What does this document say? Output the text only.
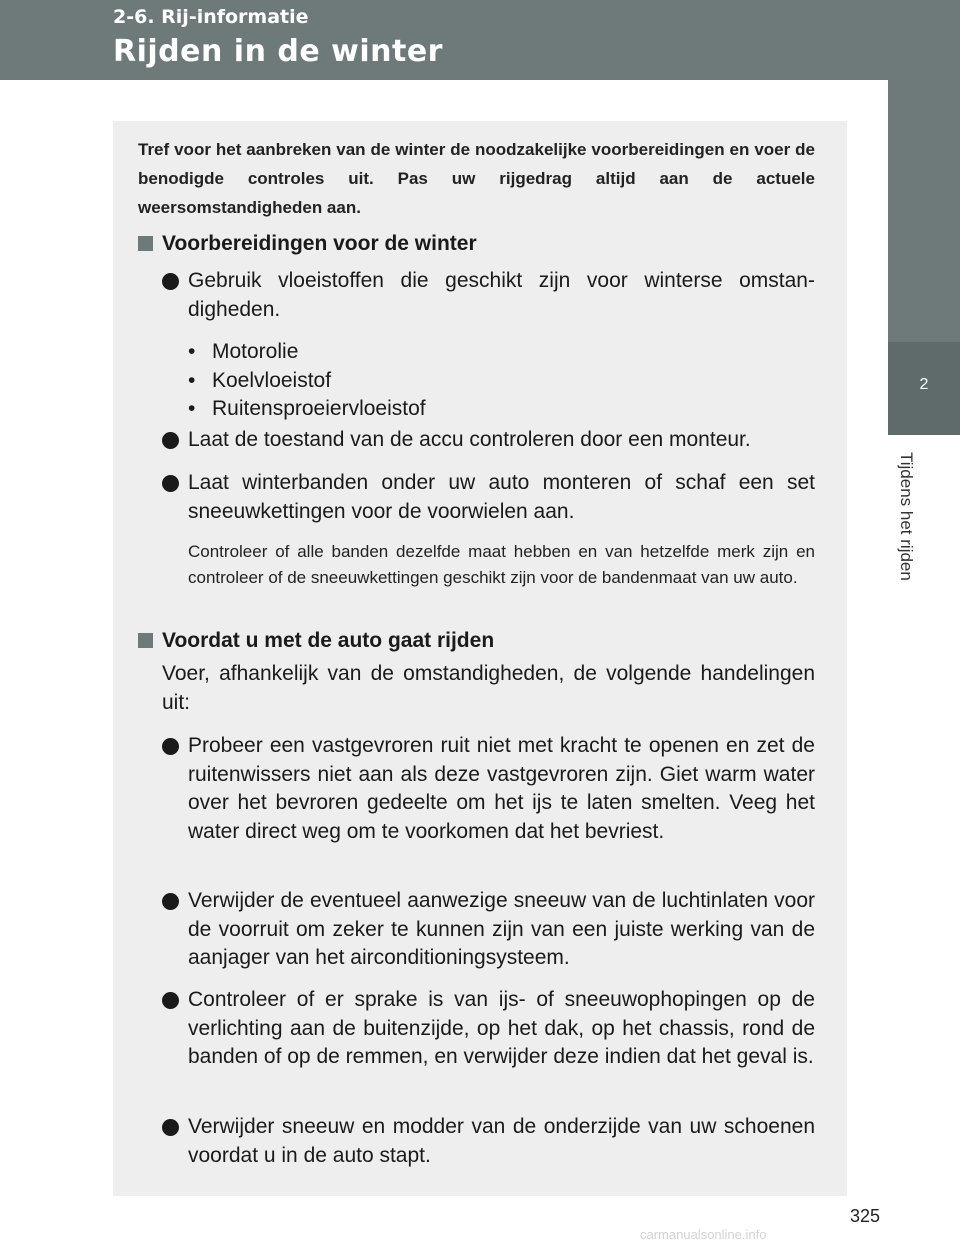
2-6. Rij-informatie
Rijden in de winter
2
Tijdens het rijden
Tref voor het aanbreken van de winter de noodzakelijke voorbereidingen en voer de benodigde controles uit. Pas uw rijgedrag altijd aan de actuele weersomstandigheden aan.
Voorbereidingen voor de winter
Gebruik vloeistoffen die geschikt zijn voor winterse omstandigheden.
• Motorolie
• Koelvloeistof
• Ruitensproeiervloeistof
Laat de toestand van de accu controleren door een monteur.
Laat winterbanden onder uw auto monteren of schaf een set sneeuwkettingen voor de voorwielen aan.
Controleer of alle banden dezelfde maat hebben en van hetzelfde merk zijn en controleer of de sneeuwkettingen geschikt zijn voor de bandenmaat van uw auto.
Voordat u met de auto gaat rijden
Voer, afhankelijk van de omstandigheden, de volgende handelingen uit:
Probeer een vastgevroren ruit niet met kracht te openen en zet de ruitenwissers niet aan als deze vastgevroren zijn. Giet warm water over het bevroren gedeelte om het ijs te laten smelten. Veeg het water direct weg om te voorkomen dat het bevriest.
Verwijder de eventueel aanwezige sneeuw van de luchtinlaten voor de voorruit om zeker te kunnen zijn van een juiste werking van de aanjager van het airconditioningsysteem.
Controleer of er sprake is van ijs- of sneeuwophopingen op de verlichting aan de buitenzijde, op het dak, op het chassis, rond de banden of op de remmen, en verwijder deze indien dat het geval is.
Verwijder sneeuw en modder van de onderzijde van uw schoenen voordat u in de auto stapt.
325
carmanualsonline.info
